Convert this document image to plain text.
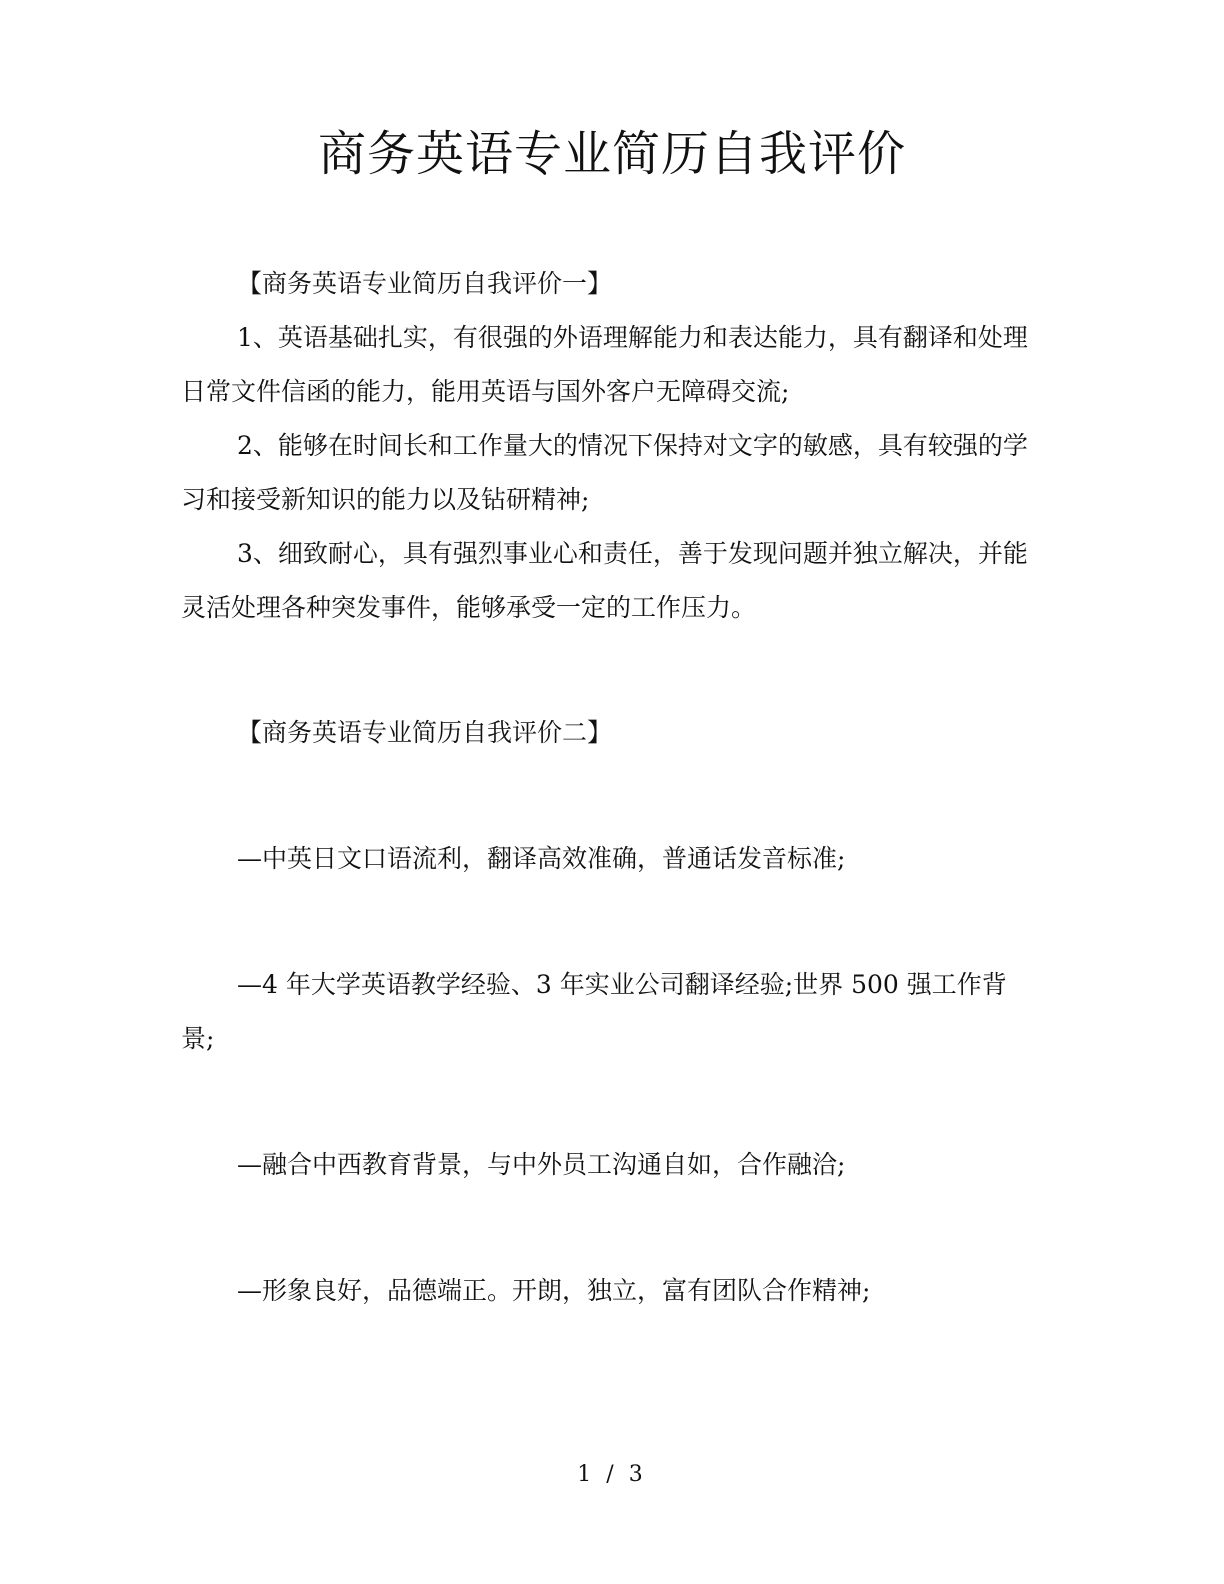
商务英语专业简历自我评价

【商务英语专业简历自我评价一】

1、英语基础扎实，有很强的外语理解能力和表达能力，具有翻译和处理日常文件信函的能力，能用英语与国外客户无障碍交流;

2、能够在时间长和工作量大的情况下保持对文字的敏感，具有较强的学习和接受新知识的能力以及钻研精神;

3、细致耐心，具有强烈事业心和责任，善于发现问题并独立解决，并能灵活处理各种突发事件，能够承受一定的工作压力。

【商务英语专业简历自我评价二】

—中英日文口语流利，翻译高效准确，普通话发音标准;

—4 年大学英语教学经验、3 年实业公司翻译经验;世界 500 强工作背景;

—融合中西教育背景，与中外员工沟通自如，合作融洽;

—形象良好，品德端正。开朗，独立，富有团队合作精神;

1 / 3
